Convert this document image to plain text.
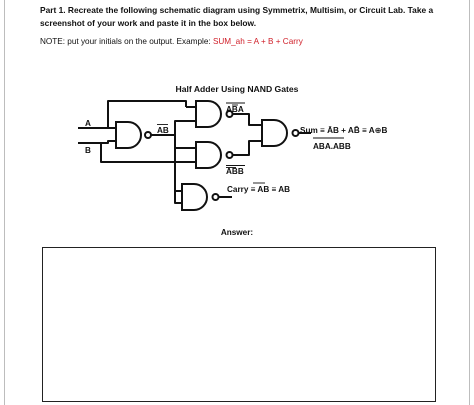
Part 1. Recreate the following schematic diagram using Symmetrix, Multisim, or Circuit Lab. Take a screenshot of your work and paste it in the box below.

NOTE: put your initials on the output. Example: SUM_ah = A + B + Carry

Half Adder Using NAND Gates

A
B
AB
ABA
ABB
Sum ≡ ĀB + AB̄ ≡ A⊕B
ABA.ABB
Carry ≡ AB ≡ AB

Answer:
